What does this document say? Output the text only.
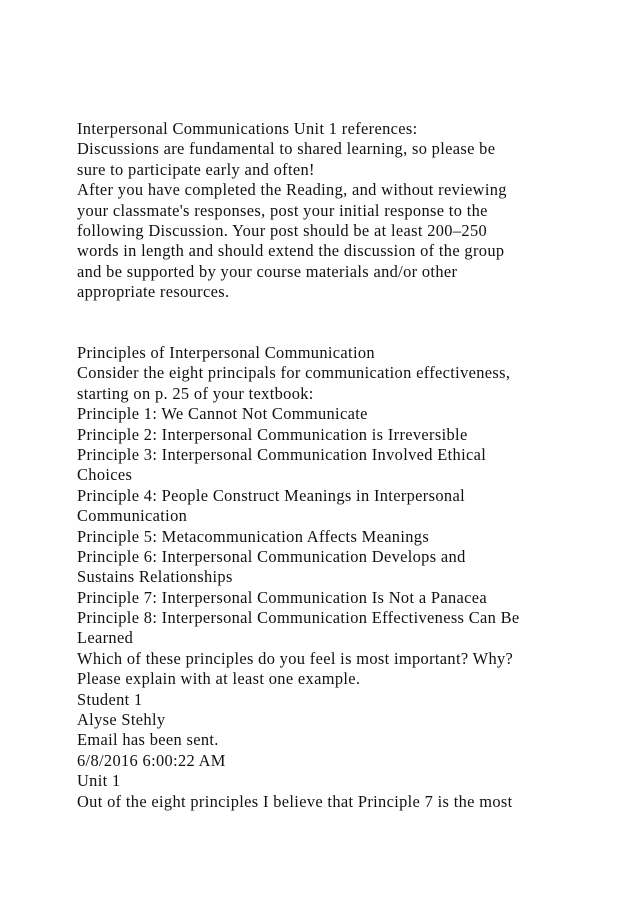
Interpersonal Communications Unit 1 references:
Discussions are fundamental to shared learning, so please be
sure to participate early and often!
After you have completed the Reading, and without reviewing
your classmate's responses, post your initial response to the
following Discussion. Your post should be at least 200–250
words in length and should extend the discussion of the group
and be supported by your course materials and/or other
appropriate resources.
Principles of Interpersonal Communication
Consider the eight principals for communication effectiveness,
starting on p. 25 of your textbook:
Principle 1: We Cannot Not Communicate
Principle 2: Interpersonal Communication is Irreversible
Principle 3: Interpersonal Communication Involved Ethical
Choices
Principle 4: People Construct Meanings in Interpersonal
Communication
Principle 5: Metacommunication Affects Meanings
Principle 6: Interpersonal Communication Develops and
Sustains Relationships
Principle 7: Interpersonal Communication Is Not a Panacea
Principle 8: Interpersonal Communication Effectiveness Can Be
Learned
Which of these principles do you feel is most important? Why?
Please explain with at least one example.
Student 1
Alyse Stehly
Email has been sent.
6/8/2016 6:00:22 AM
Unit 1
Out of the eight principles I believe that Principle 7 is the most
